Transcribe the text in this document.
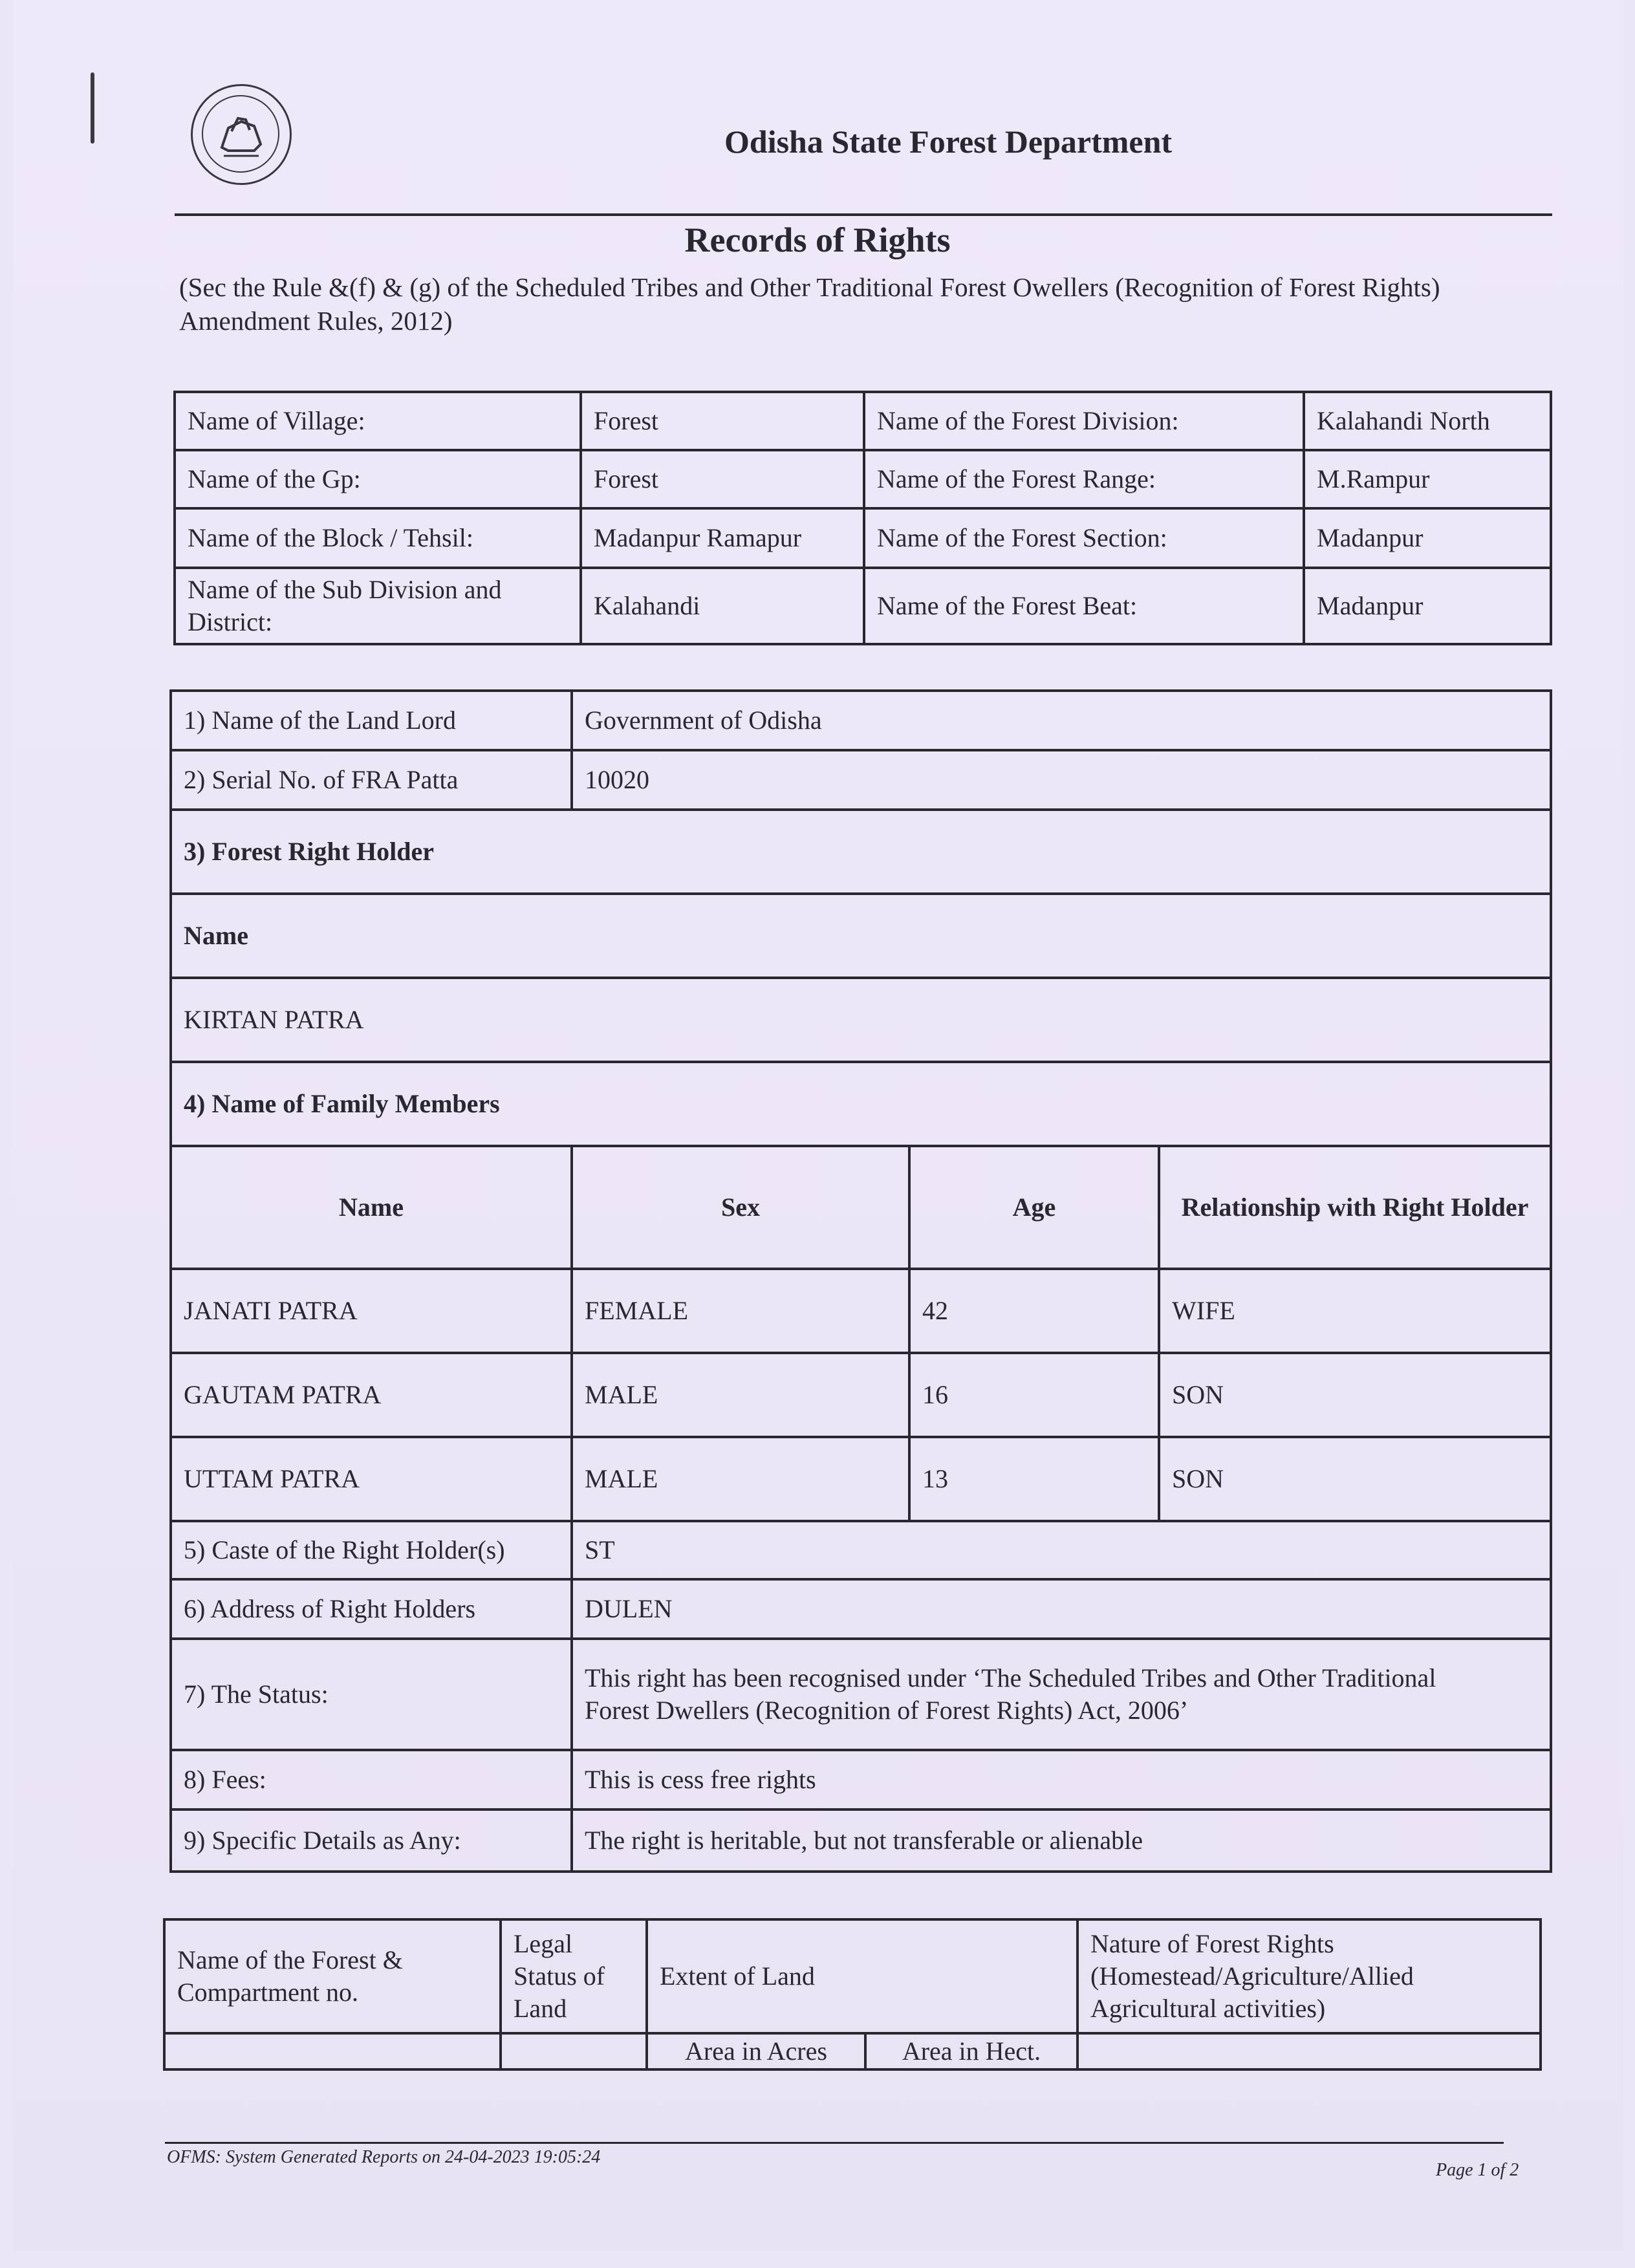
Odisha State Forest Department
Records of Rights
(Sec the Rule &(f) & (g) of the Scheduled Tribes and Other Traditional Forest Owellers (Recognition of Forest Rights) Amendment Rules, 2012)
Name of Village:	Forest	Name of the Forest Division:	Kalahandi North
Name of the Gp:	Forest	Name of the Forest Range:	M.Rampur
Name of the Block / Tehsil:	Madanpur Ramapur	Name of the Forest Section:	Madanpur
Name of the Sub Division and District:	Kalahandi	Name of the Forest Beat:	Madanpur
1) Name of the Land Lord	Government of Odisha		
2) Serial No. of FRA Patta	10020		
3) Forest Right Holder			
Name			
KIRTAN PATRA			
4) Name of Family Members			
Name	Sex	Age	Relationship with Right Holder
JANATI PATRA	FEMALE	42	WIFE
GAUTAM PATRA	MALE	16	SON
UTTAM PATRA	MALE	13	SON
5) Caste of the Right Holder(s)	ST		
6) Address of Right Holders	DULEN		
7) The Status:	This right has been recognised under ‘The Scheduled Tribes and Other Traditional
Forest Dwellers (Recognition of Forest Rights) Act, 2006’		

8) Fees:	This is cess free rights		
9) Specific Details as Any:	The right is heritable, but not transferable or alienable		
Name of the Forest & Compartment no.	Legal Status of Land	Extent of Land		Nature of Forest Rights (Homestead/Agriculture/Allied Agricultural activities)
		Area in Acres	Area in Hect.	
OFMS: System Generated Reports on 24-04-2023 19:05:24
Page 1 of 2
